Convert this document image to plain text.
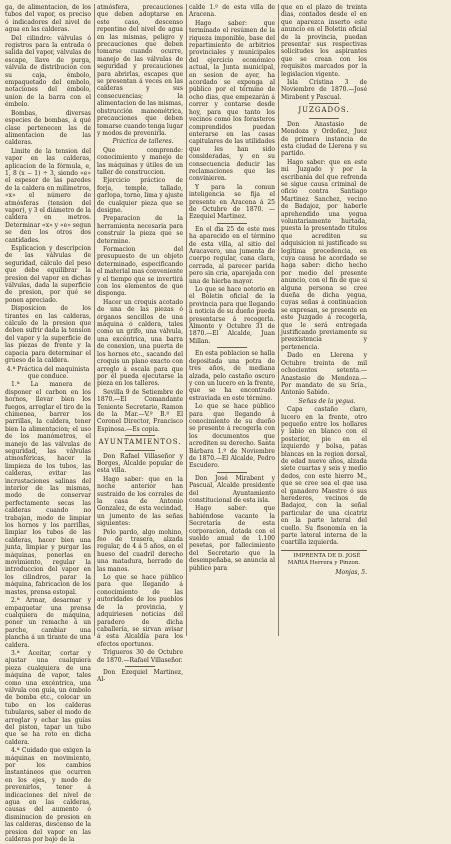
ga, de alimentacion, de los tubos del vapor, es preciso ó indicadores del nivel de agua en las calderas.

Del cilindro: válvulas ó registros para la entrada ó salida del vapor, válvulas de escape, llave de purga, válvula de distribucion con su caja, émbolo, empaquetado del embolo, notaciones del émbolo, union de la barra con el émbolo.

Bombas, diversas especies de bombas, á qué clase pertenecen las de alimentacion de las calderas.

Limite de la tension del vapor en las calderas, aplicacion de la fórmula, e, 1, 8 (x − 1) ÷ 3, siendo «e» el espesor de las paredes de la caldera en milímetros, «x» el número de atmósferas (tension del vapor), y 3 el diámetro de la caldera en metros. Determinar «x» y «e» segun se den los otros dos cantidades.

Esplicacion y descripcion de las válvulas de seguridad, cálculo del peso que debe equilibrar la presion del vapor en dichas válvulas, dada la superficie de presion, por qué se ponen apreciado.

Disposicion de los tirantes en las calderas, cálculo de la presion que deben sufrir dada la tension del vapor y la superficie de las piezas de frente y la capacia para determinar el grueso de la caldera.

4.ª Práctica del maquinista que conduce.

1.ª La manera de disponer el carbon en los hornos, llevar bien los fuegos, arreglar el tiro de la chimenea, barrer los parrillas, la caldera, tener bien la alimentacion; el uso de los manómetros, el manejo de las válvulas de seguridad, las válvulas atmosféricas, hacer la limpieza de los tubos, las calderas, evitar las incrustaciones salinas del interior de las mismas, modo de conservar perfectamente secas las calderas cuando no trabajan, modo de limpiar los hornos y los parrillas, limpiar los tubos de las calderas, hacer bien una junta, limpiar y purgar las máquinas, ponerlas en movimiento, regular la introduccion del vapor en los cilindros, parar la máquina, fabricacion de los mastes, prensa estopal.

2.ª Armar, desarmar y empaquetar una prensa cualquiera de máquina, poner un remache á un parche, cambiar una plancha á un tirante de una caldera.

3.ª Aceitar, cortar y ajustar una cualquiera pieza cualquiera de una máquina de vapor, tales como una excéntrica, una válvula con guía, un émbolo de bomba etc., colocar un tubo en los calderas tubulares, saber el modo de arreglar y echar las guías del piston, tapar un tubo que se ha roto en dicha caldera.

4.ª Cuidado que exigen la máquinas en movimiento, por los cambios instantáneos que ocurren en los ejes, y modo de prevenirlos, tener á indicaciones del nivel de agua en las calderas, causas del aumento ó disminucion de presion en las calderas, descenso de la presion del vapor en las calderas por bajo de la

atmósfera, precauciones que deben adoptarse en este caso, descenso repentino del nivel de agua en las mismas, peligro y precauciones que deben tomarse cuando ocurre, manejo de las válvulas de seguridad y precauciones para abrirlas, escapes que se presentan á veces en las calderas y sus consecuencias; la alimentacion de las mismas, obstrucción manométrica, precauciones que deben tomarse cuando tenga lugar y modos de prevenirla.

Práctica de talleres.

Que comprende: conocimiento y manejo de las máquinas y útiles de un taller de construccion.

Ejercicio práctico de forja, temple, tallado, garlopa, torno, lima y ajuste de cualquier pieza que se designe.

Preparacion de la herramienta necesaria para construir la pieza que se determine.

Formacion del presupuesto de un objeto determinado, especificando el material mas conveniente y el tiempo que se invertirá con los elementos de que disponga.

Hacer un croquis acotado de una de las piezas ó órganos sencillos de una máquina ó caldera, tales como un grifo, una válvula, una excéntrica, una barra de conexion, una puerta de los hornos etc., sacando del croquis un plano exacto con arreglo á escala para que por él pueda ejecutarse la pieza en los talleres.

Sevilla 9 de Setiembre de 1870.—El Comandante Teniente Secretario, Ramon de la Mar.—V.º B.º El Coronel Director, Francisco Espinosa.—Es copia.

AYUNTAMIENTOS.

Don Rafael Villaseñor y Borges, Alcalde popular de esta villa.

Hago saber: que en la noche anterior han sustraido de los corrales de la casa de Antonio Gonzalez, de esta vecindad, un jumento de las señas siguientes:

Pelo pardo, algo mohino, feo de trasera, alzada regular, de 4 á 5 años, en el hueso del cuadril derecho una matadura, herrado de las manos.

Lo que se hace público para que llegando á conocimiento de las autoridades de los pueblos de la provincia, y adquiriesen noticias del paradero de dicha caballería, se sirvan avisar á esta Alcaldía para los efectos oportunos.

Trigueros 30 de Octubre de 1870.—Rafael Villaseñor.

Don Ezequiel Martinez, Al-

calde 1.º de esta villa de Aracena.

Hago saber: que terminado el resúmen de la riqueza imponible, base del repartimiento de arbitrios provinciales y municipales del ejercicio económico actual, la Junta municipal, en sesion de ayer, ha acordado se exponga al público por el término de ocho dias, que empezarán á correr y contarse desde hoy, para que tanto los vecinos como los forasteros comprendidos puedan enterarse en las casas capitulares de las utilidades que les han sido consideradas, y en su consecuencia deducir las reclamaciones que les convinieren.

Y para la comun inteligencia se fija el presente en Aracena á 25 de Octubre de 1870. —Ezequiel Martinez.

En el dia 25 de este mes ha aparecido en el término de esta villa, al sitio del Aracavero, una jumenta de cuerpo regular, cana clara, cerrada, al parecer parida pero sin cria, aparejada con una de hierba mayor.

Lo que se hace notorio en el Boletin oficial de la provincia para que llegando á noticia de su dueño pueda presentarse á recogerla. Almonte y Octubre 31 de 1870.—El Alcalde, Juan Millan.

En esta poblacion se halla depositada una potra de tres años, de mediana alzada, pelo castaño oscuro y con un lucero en la frente, que se ha encontrado estraviada en este término.

Lo que se hace público para que llegando á conocimiento de su dueño se presente á recogerla con los documentos que acrediten su derecho. Santa Bárbara 1.º de Noviembre de 1870.—El Alcalde, Pedro Escudero.

Don José Mirabent y Pascual, Alcalde presidente del Ayuntamiento constitucional de esta isla.

Hago saber: que habiéndose vacante la Secretaría de esta corporacion, dotada con el sueldo anual de 1.100 pesetas, por fallecimiento del Secretario que la desempeñaba, se anuncia al público para

que en el plazo de treinta dias, contados desde el en que aparezca inserto este anuncio en el Boletin oficial de la provincia, puedan presentar sus respectivas solicitudes los aspirantes que se crean con los requisitos marcados por la legislacion vigente.

Isla Cristina 3 de Noviembre de 1870.—José Mirabent y Pascual.

JUZGADOS.

Don Anastasio de Mendoza y Ordoñez, Juez de primera instancia de esta ciudad de Llerena y su partido.

Hago saber: que en este mi Juzgado y por la escribanía del que refrenda se sigue causa criminal de oficio contra Santiago Martinez Sanchez, vecino de Badajoz, por haberle aprehendido una yegua voluntariamente hurtada, puesta la presentado titulos que acrediten su adquisicion ni justificado su legítima procedencia, en cuya causa he acordado se haga saber: dicho hecho por medio del presente anuncio, con el fin de que si alguna persona se cree dueña de dicha yegua, cuyas señas á continuacion se expresan, se presente en este Juzgado á recogerla, que le será entregada justificando previamente su preexistencia y pertenencia.

Dado en Llerena y Octubre treinta de mil ochocientos setenta.—Anastasio de Mendoza.—Por mandato de su Sría., Antonio Sabido.

Señas de la yegua.

Capa castaño claro, lucero en la frente, otro pequeño entre los hollares y labio en blanco con el posterior, pie en el izquierdo y bolsa, patas blancas en la region dorsal, de edad nueve años, alzada siete cuartas y seis y medio dedos, con este hierro M., que se cree sea el que usa el ganadero Maestre ó sus herederos, vecinos de Badajoz, con la señal particular de una cicatriz en la parte lateral del cuello. Su fisonomía en la parte lateral interna de la cuartilla izquierda.

IMPRENTA DE D. JOSÉ MARIA Herrera y Pinzon.

Monjas, 5.
